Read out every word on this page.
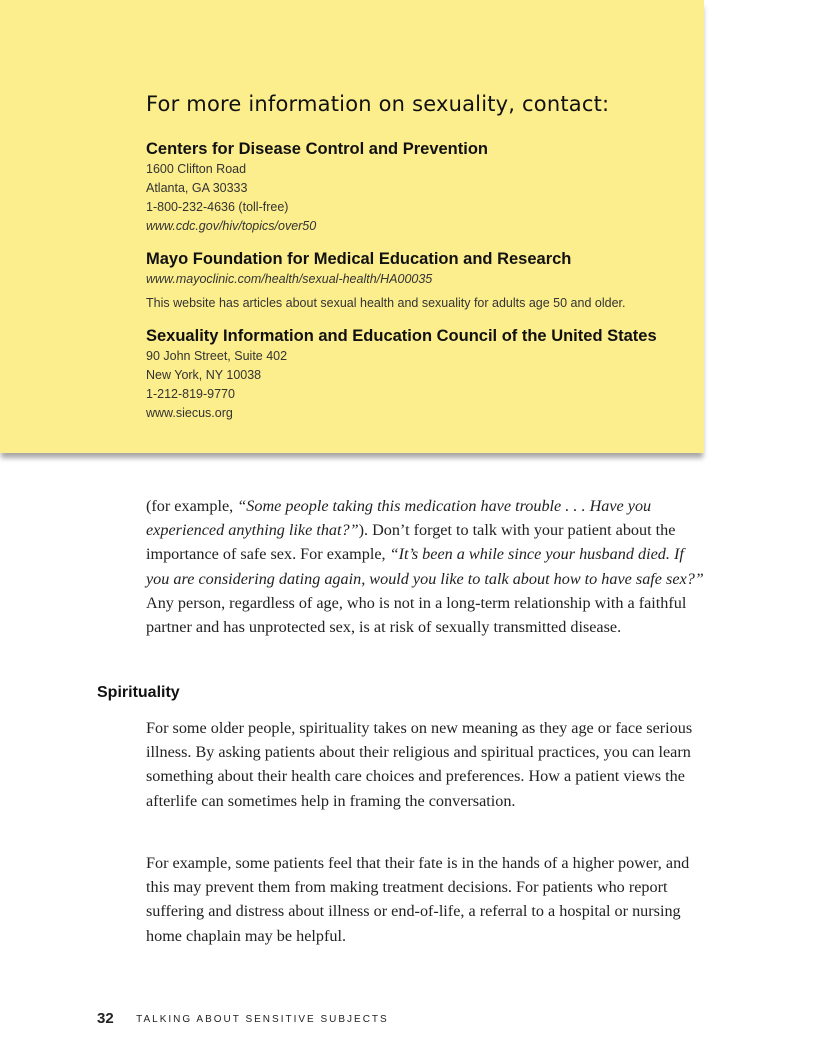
For more information on sexuality, contact:
Centers for Disease Control and Prevention
1600 Clifton Road
Atlanta, GA 30333
1-800-232-4636 (toll-free)
www.cdc.gov/hiv/topics/over50
Mayo Foundation for Medical Education and Research
www.mayoclinic.com/health/sexual-health/HA00035
This website has articles about sexual health and sexuality for adults age 50 and older.
Sexuality Information and Education Council of the United States
90 John Street, Suite 402
New York, NY 10038
1-212-819-9770
www.siecus.org

(for example, “Some people taking this medication have trouble . . . Have you experienced anything like that?”). Don’t forget to talk with your patient about the importance of safe sex. For example, “It’s been a while since your husband died. If you are considering dating again, would you like to talk about how to have safe sex?” Any person, regardless of age, who is not in a long-term relationship with a faithful partner and has unprotected sex, is at risk of sexually transmitted disease.

Spirituality

For some older people, spirituality takes on new meaning as they age or face serious illness. By asking patients about their religious and spiritual practices, you can learn something about their health care choices and preferences. How a patient views the afterlife can sometimes help in framing the conversation.

For example, some patients feel that their fate is in the hands of a higher power, and this may prevent them from making treatment decisions. For patients who report suffering and distress about illness or end-of-life, a referral to a hospital or nursing home chaplain may be helpful.

32 TALKING ABOUT SENSITIVE SUBJECTS
